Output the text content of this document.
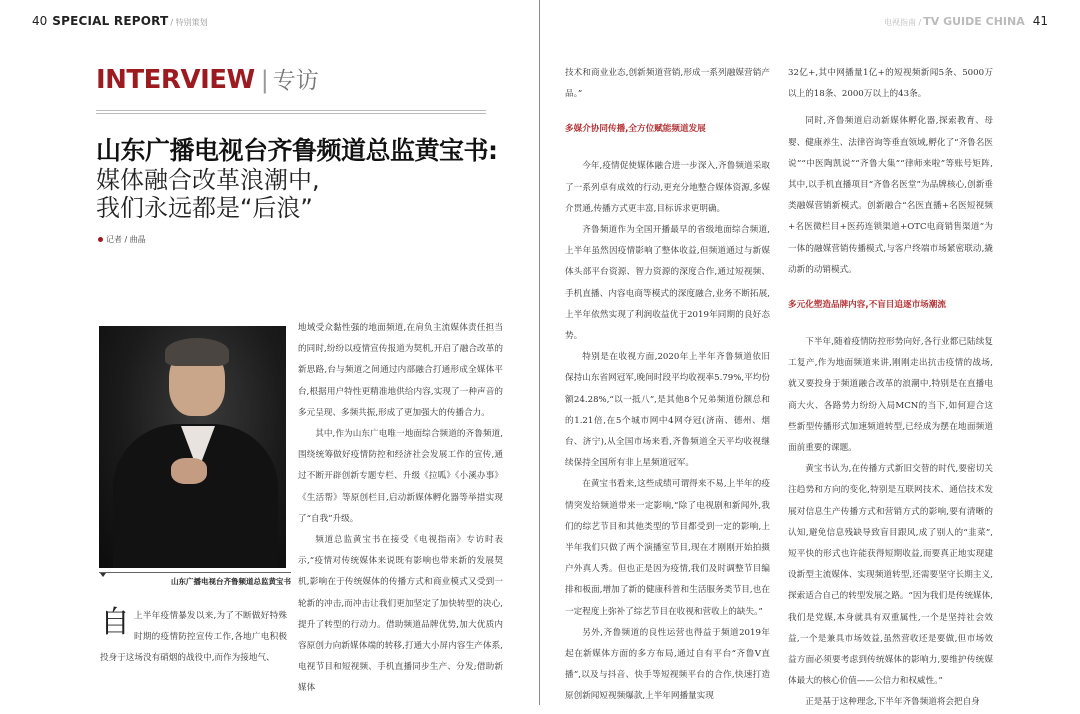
40 SPECIAL REPORT / 特别策划
INTERVIEW | 专访
山东广播电视台齐鲁频道总监黄宝书:
媒体融合改革浪潮中,
我们永远都是“后浪”
记者 / 曲晶
山东广播电视台齐鲁频道总监黄宝书
自 上半年疫情暴发以来,为了不断做好特殊时期的疫情防控宣传工作,各地广电积极投身于这场没有硝烟的战役中,而作为接地气、

地域受众黏性强的地面频道,在肩负主流媒体责任担当的同时,纷纷以疫情宣传报道为契机,开启了融合改革的新思路,台与频道之间通过内部融合打通形成全媒体平台,根据用户特性更精准地供给内容,实现了一种声音的多元呈现、多频共振,形成了更加强大的传播合力。

其中,作为山东广电唯一地面综合频道的齐鲁频道,围绕统筹做好疫情防控和经济社会发展工作的宣传,通过不断开辟创新专题专栏、升级《拉呱》《小溪办事》《生活帮》等原创栏目,启动新媒体孵化器等举措实现了“自我”升级。

频道总监黄宝书在接受《电视指南》专访时表示,“疫情对传统媒体来说既有影响也带来新的发展契机,影响在于传统媒体的传播方式和商业模式又受到一轮新的冲击,而冲击让我们更加坚定了加快转型的决心,提升了转型的行动力。借助频道品牌优势,加大优质内容原创力向新媒体端的转移,打通大小屏内容生产体系,电视节目和短视频、手机直播同步生产、分发;借助新媒体

电视指南 / TV GUIDE CHINA 41

技术和商业业态,创新频道营销,形成一系列融媒营销产品。”

多媒介协同传播,全方位赋能频道发展

今年,疫情促使媒体融合进一步深入,齐鲁频道采取了一系列卓有成效的行动,更充分地整合媒体资源,多媒介贯通,传播方式更丰富,目标诉求更明确。

齐鲁频道作为全国开播最早的省级地面综合频道,上半年虽然因疫情影响了整体收益,但频道通过与新媒体头部平台资源、智力资源的深度合作,通过短视频、手机直播、内容电商等模式的深度融合,业务不断拓展,上半年依然实现了利润收益优于2019年同期的良好态势。

特别是在收视方面,2020年上半年齐鲁频道依旧保持山东省网冠军,晚间时段平均收视率5.79%,平均份额24.28%,“以一抵八”,是其他8个兄弟频道份额总和的1.21倍,在5个城市网中4网夺冠(济南、德州、烟台、济宁),从全国市场来看,齐鲁频道全天平均收视继续保持全国所有非上星频道冠军。

在黄宝书看来,这些成绩可谓得来不易,上半年的疫情突发给频道带来一定影响,“除了电视剧和新闻外,我们的综艺节目和其他类型的节目都受到一定的影响,上半年我们只做了两个演播室节目,现在才刚刚开始拍摄户外真人秀。但也正是因为疫情,我们及时调整节目编排和板面,增加了新的健康科普和生活服务类节目,也在一定程度上弥补了综艺节目在收视和营收上的缺失。”

另外,齐鲁频道的良性运营也得益于频道2019年起在新媒体方面的多方布局,通过自有平台“齐鲁V直播”,以及与抖音、快手等短视频平台的合作,快速打造原创新闻短视频爆款,上半年网播量实现

32亿+,其中网播量1亿+的短视频新闻5条、5000万以上的18条、2000万以上的43条。

同时,齐鲁频道启动新媒体孵化器,探索教育、母婴、健康养生、法律咨询等垂直领域,孵化了“齐鲁名医说”“中医陶凯说”“齐鲁大集”“律师来啦”等账号矩阵,其中,以手机直播项目“齐鲁名医堂”为品牌核心,创新垂类融媒营销新模式。创新融合“名医直播+名医短视频+名医微栏目+医药连锁渠道+OTC电商销售渠道”为一体的融媒营销传播模式,与客户终端市场紧密联动,撬动新的动销模式。

多元化塑造品牌内容,不盲目追逐市场潮流

下半年,随着疫情防控形势向好,各行业都已陆续复工复产,作为地面频道来讲,刚刚走出抗击疫情的战场,就又要投身于频道融合改革的浪潮中,特别是在直播电商大火、各路势力纷纷入局MCN的当下,如何迎合这些新型传播形式加速频道转型,已经成为摆在地面频道面前重要的课题。

黄宝书认为,在传播方式新旧交替的时代,要密切关注趋势和方向的变化,特别是互联网技术、通信技术发展对信息生产传播方式和营销方式的影响,要有清晰的认知,避免信息残缺导致盲目跟风,成了别人的“韭菜”,短平快的形式也许能获得短期收益,而要真正地实现建设新型主流媒体、实现频道转型,还需要坚守长期主义,探索适合自己的转型发展之路。“因为我们是传统媒体,我们是党媒,本身就具有双重属性,一个是坚持社会效益,一个是兼具市场效益,虽然营收还是要做,但市场效益方面必须要考虑到传统媒体的影响力,要维护传统媒体最大的核心价值——公信力和权威性。”

正是基于这种理念,下半年齐鲁频道将会把自身
